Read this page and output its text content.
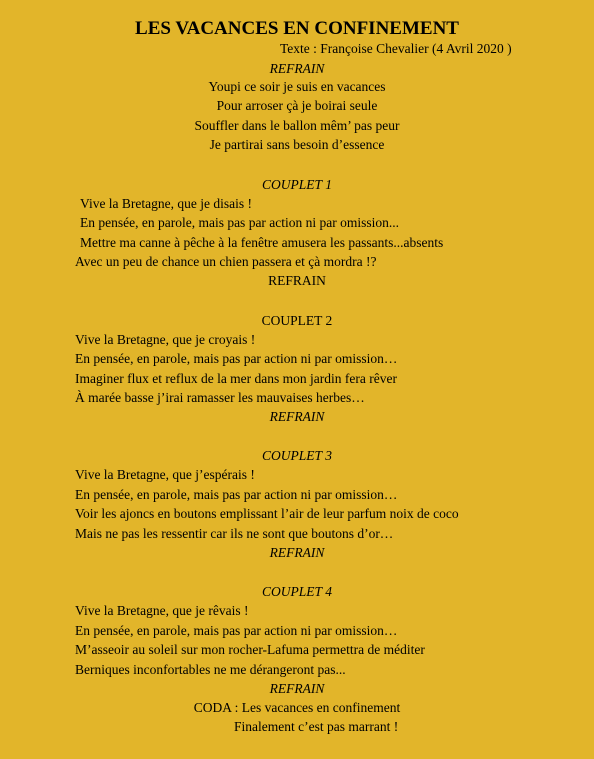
LES VACANCES EN CONFINEMENT
Texte : Françoise Chevalier (4 Avril 2020 )
REFRAIN
Youpi ce soir je suis en vacances
Pour arroser çà je boirai seule
Souffler dans le ballon mêm’ pas peur
Je partirai sans besoin d’essence
COUPLET 1
Vive la Bretagne, que je disais !
En pensée, en parole, mais pas par action ni par omission...
Mettre ma canne à pêche à la fenêtre amusera les passants...absents
Avec un peu de chance un chien passera et çà mordra !?
REFRAIN
COUPLET 2
Vive la Bretagne, que je croyais !
En pensée, en parole, mais pas par action ni par omission…
Imaginer flux et reflux de la mer dans mon jardin fera rêver
À marée basse j’irai ramasser les mauvaises herbes…
REFRAIN
COUPLET 3
Vive la Bretagne, que j’espérais !
En pensée, en parole, mais pas par action ni par omission…
Voir les ajoncs en boutons emplissant l’air de leur parfum noix de coco
Mais ne pas les ressentir car ils ne sont que boutons d’or…
REFRAIN
COUPLET 4
Vive la Bretagne, que je rêvais !
En pensée, en parole, mais pas par action ni par omission…
M’asseoir au soleil sur mon rocher-Lafuma permettra de méditer
Berniques inconfortables ne me dérangeront pas...
REFRAIN
CODA : Les vacances en confinement
Finalement c’est pas marrant !
